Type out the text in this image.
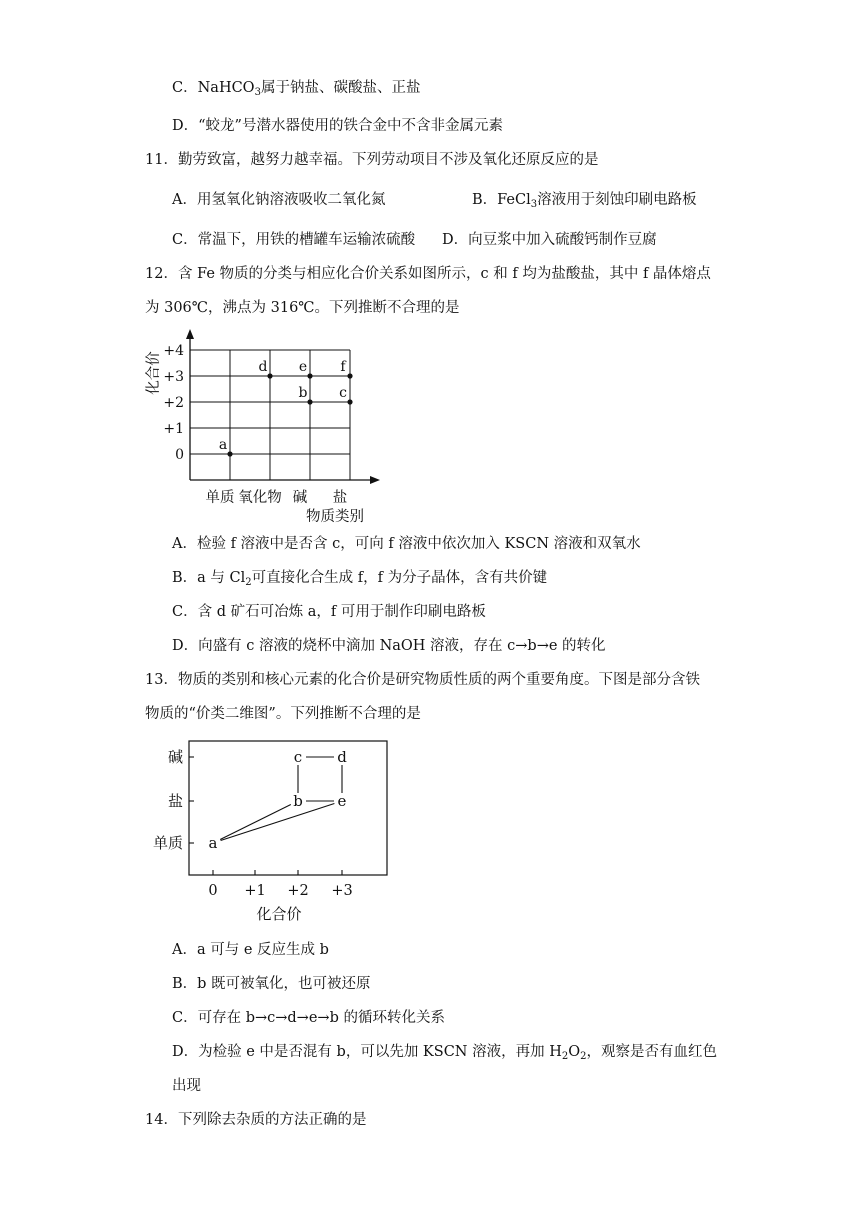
C．NaHCO$_3$属于钠盐、碳酸盐、正盐
D．“蛟龙”号潜水器使用的铁合金中不含非金属元素
11．勤劳致富，越努力越幸福。下列劳动项目不涉及氧化还原反应的是
A．用氢氧化钠溶液吸收二氧化氮	B．FeCl$_3$溶液用于刻蚀印刷电路板
C．常温下，用铁的槽罐车运输浓硫酸 D．向豆浆中加入硫酸钙制作豆腐
12．含 Fe 物质的分类与相应化合价关系如图所示，c 和 f 均为盐酸盐，其中 f 晶体熔点
为 306℃，沸点为 316℃。下列推断不合理的是
+4
+3
+2
+1
0
单质 氧化物 碱 盐
a
d e
b
f
c
化合价
物质类别
A．检验 f 溶液中是否含 c，可向 f 溶液中依次加入 KSCN 溶液和双氧水
B．a 与 $Cl_2$可直接化合生成 f，f 为分子晶体，含有共价键
C．含 d 矿石可冶炼 a，f 可用于制作印刷电路板
D．向盛有 c 溶液的烧杯中滴加 NaOH 溶液，存在 c→b→e 的转化
13．物质的类别和核心元素的化合价是研究物质性质的两个重要角度。下图是部分含铁
物质的“价类二维图”。下列推断不合理的是
碱
盐
单质
0 +1 +2 +3
a
b e
c d
化合价
A．a 可与 e 反应生成 b
B．b 既可被氧化，也可被还原
C．可存在 b→c→d→e→b 的循环转化关系
D．为检验 e 中是否混有 b，可以先加 KSCN 溶液，再加 $H_2O_2$，观察是否有血红色
出现
14．下列除去杂质的方法正确的是
